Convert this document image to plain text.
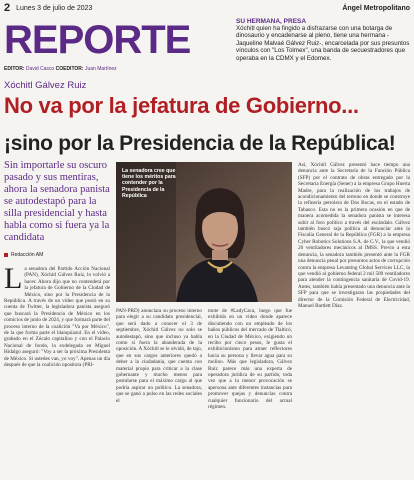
2 Lunes 3 de julio de 2023	Ángel Metropolitano
REPORTE
EDITOR: David Casco COEDITOR: Juan Martínez
SU HERMANA, PRESA
Xóchitl quien ha fingido a disfrazarse con una botarga de dinosaurio y encadenarse al pleno, tiene una hermana -Jaqueline Malvaé Gálvez Ruiz-, encarcelada por sus presuntos vínculos con "Los Tolmex", una banda de secuestradores que operaba en la CDMX y el Edomex.
Xóchitl Gálvez Ruiz
No va por la jefatura de Gobierno...
¡sino por la Presidencia de la República!
Sin importarle su oscuro pasado y sus mentiras, ahora la senadora panista se autodestapó para la silla presidencial y hasta habla como si fuera ya la candidata
Redacción AM
La senadora cree que tiene los méritos para contender por la Presidencia de la República
L a senadora del Partido Acción Nacional (PAN), Xóchitl Gálvez Ruiz, lo volvió a hacer. Ahora dijo que no contenderá por la jefatura de Gobierno de la Ciudad de México, sino por la Presidencia de la República. A través de un video que postó en su cuenta de Twitter, la legisladora panista aseguró que buscará la Presidencia de México en los comicios de junio de 2024, y que formará parte del proceso interno de la coalición "Va por México", de la que forma parte el blanquiazul. En el video, grabado en el Zócalo capitalino y con el Palacio Nacional de fondo, la exdelegada en Miguel Hidalgo aseguró: "Voy a ser la próxima Presidenta de México. Si ustedes van, yo voy". Apenas un día después de que la coalición opositora (PRI-
PAN-PRD) anunciara su proceso interno para elegir a su candidato presidencial, que será dado a conocer el 3 de septiembre, Xóchitl Gálvez no solo se autodestapó, sino que incluso ya habla como si fuera la abanderada de la oposición. A Xóchitl se le olvidó, de tajo, que en sus cargos anteriores quedó a deber a la ciudadanía, que cuenta con material propio para criticar a la clase gobernante y mucho menos para postularse para el máximo cargo al que podría aspirar un político. La senadora, que se ganó a pulso en las redes sociales el
mote de #LadyCaca, luego que fue exhibida en un video donde aparece discutiendo con un empleado de los baños públicos del mercado de Tlalticó, en la Ciudad de México, exigiendo un recibo por cinco pesos, le gusta el exhibicionismo para atraer reflectores hacia su persona y llevar agua para su molino. Más que legisladora, Gálvez Ruiz parece más una experta de operadora jurídica de su partido, toda vez que a la menor provocación se apersona ante diferentes instancias para promover quejas y denuncias contra cualquier funcionario del actual régimen.
Así, Xóchitl Gálvez presentó hace tiempo una denuncia ante la Secretaría de la Función Pública (SFP) por el contrato de obras entregado por la Secretaría Energía (Sener) a la empresa Grupo Huerta Madre, para la realización de los trabajos de acondicionamiento del terreno en donde se construye la refinería petrolera de Dos Bocas, en el estado de Tabasco. Esta no es la primera ocasión en que de manera acomedida la senadora panista se interesa subir al foro político a través del escándalo. Gálvez también buscó raja política al denunciar ante la Fiscalía General de la República (FGR) a la empresa Cyber Robotics Solutions S.A. de C.V., la que vendió 20 ventiladores mecánicos al IMSS. Previo a esta denuncia, la senadora también presentó ante la FGR una denuncia penal por presuntos actos de corrupción contra la empresa Levanting Global Services LLC, la que vendió al gobierno federal 2 mil 500 ventiladores para atender la contingencia sanitaria de Covid-19. Antes, también había presentado una denuncia ante la SFP para que se investigaran las propiedades del director de la Comisión Federal de Electricidad, Manuel Bartlett Díaz.
